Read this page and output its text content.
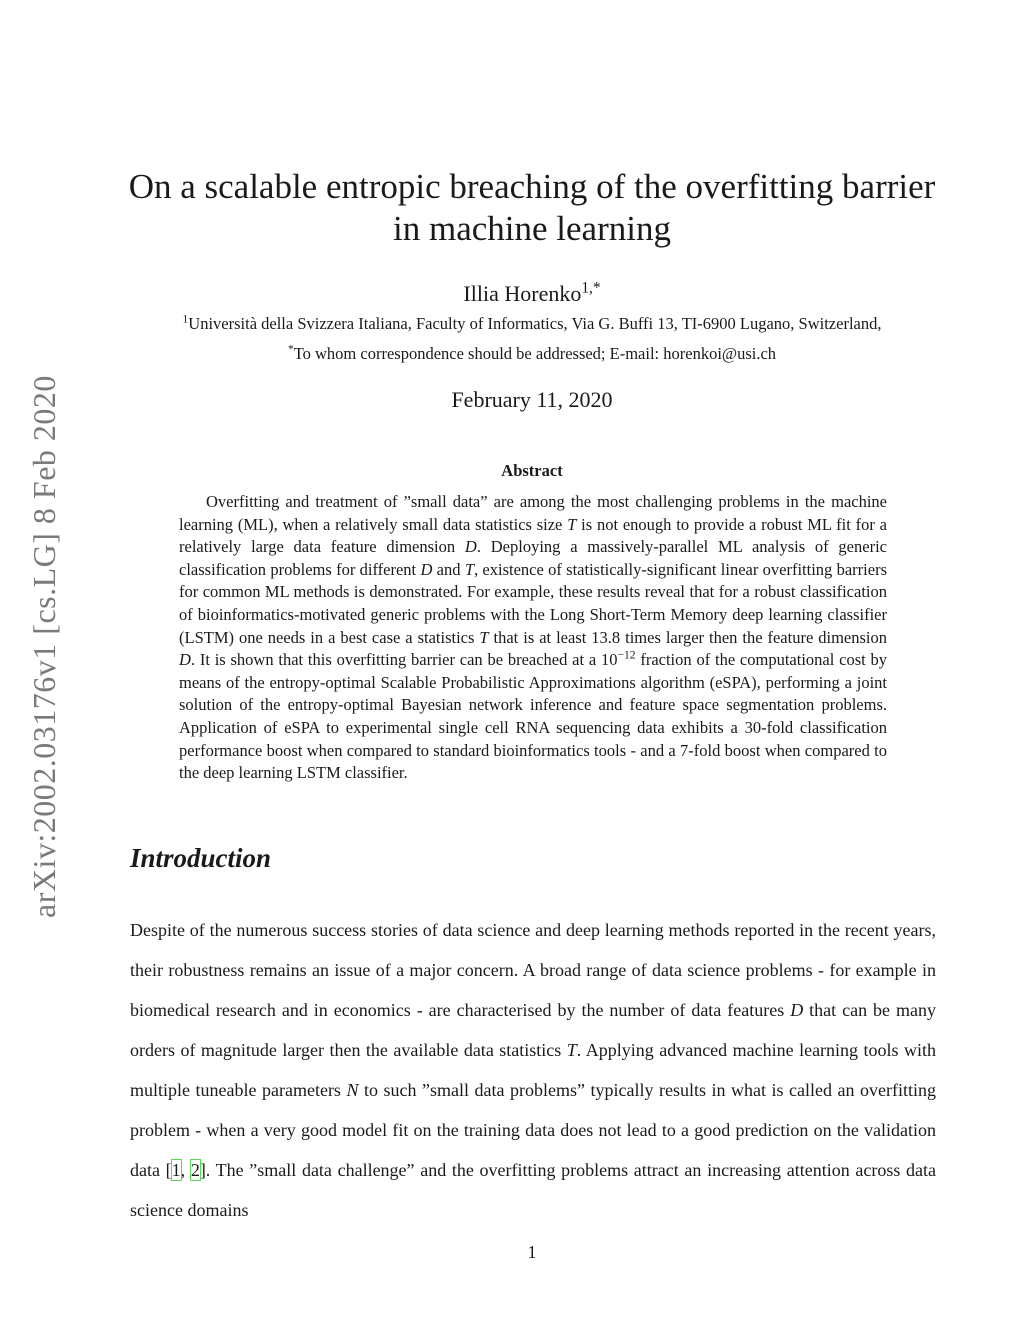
arXiv:2002.03176v1 [cs.LG] 8 Feb 2020
On a scalable entropic breaching of the overfitting barrier
in machine learning
Illia Horenko$^{1,*}$
$^1$Università della Svizzera Italiana, Faculty of Informatics, Via G. Buffi 13, TI-6900 Lugano, Switzerland,
*To whom correspondence should be addressed; E-mail: horenkoi@usi.ch
February 11, 2020
Abstract

Overfitting and treatment of ”small data” are among the most challenging problems in the machine learning (ML), when a relatively small data statistics size T is not enough to provide a robust ML fit for a relatively large data feature dimension D. Deploying a massively-parallel ML analysis of generic classification problems for different D and T, existence of statistically-significant linear overfitting barriers for common ML methods is demonstrated. For example, these results reveal that for a robust classification of bioinformatics-motivated generic problems with the Long Short-Term Memory deep learning classifier (LSTM) one needs in a best case a statistics T that is at least 13.8 times larger then the feature dimension D. It is shown that this overfitting barrier can be breached at a $10^{-12}$ fraction of the computational cost by means of the entropy-optimal Scalable Probabilistic Approximations algorithm (eSPA), performing a joint solution of the entropy-optimal Bayesian network inference and feature space segmentation problems. Application of eSPA to experimental single cell RNA sequencing data exhibits a 30-fold classification performance boost when compared to standard bioinformatics tools - and a 7-fold boost when compared to the deep learning LSTM classifier.

Introduction

Despite of the numerous success stories of data science and deep learning methods reported in the recent years, their robustness remains an issue of a major concern. A broad range of data science problems - for example in biomedical research and in economics - are characterised by the number of data features D that can be many orders of magnitude larger then the available data statistics T. Applying advanced machine learning tools with multiple tuneable parameters N to such ”small data problems” typically results in what is called an overfitting problem - when a very good model fit on the training data does not lead to a good prediction on the validation data [1, 2]. The ”small data challenge” and the overfitting problems attract an increasing attention across data science domains

1
